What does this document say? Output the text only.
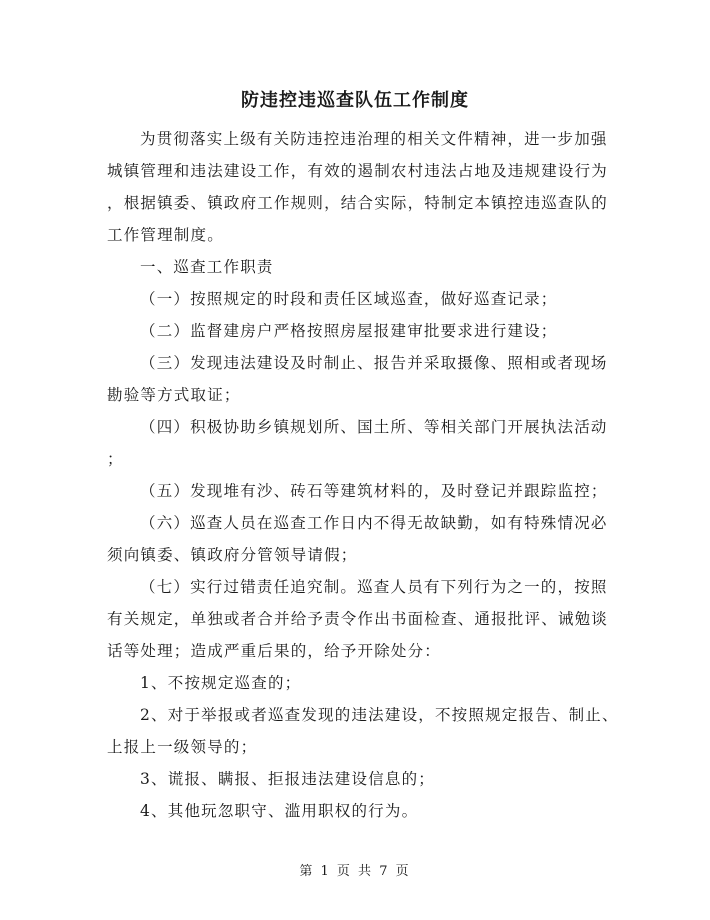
防违控违巡查队伍工作制度
为贯彻落实上级有关防违控违治理的相关文件精神，进一步加强
城镇管理和违法建设工作，有效的遏制农村违法占地及违规建设行为
，根据镇委、镇政府工作规则，结合实际，特制定本镇控违巡查队的
工作管理制度。
一、巡查工作职责
（一）按照规定的时段和责任区域巡查，做好巡查记录；
（二）监督建房户严格按照房屋报建审批要求进行建设；
（三）发现违法建设及时制止、报告并采取摄像、照相或者现场
勘验等方式取证；
（四）积极协助乡镇规划所、国土所、等相关部门开展执法活动
；
（五）发现堆有沙、砖石等建筑材料的，及时登记并跟踪监控；
（六）巡查人员在巡查工作日内不得无故缺勤，如有特殊情况必
须向镇委、镇政府分管领导请假；
（七）实行过错责任追究制。巡查人员有下列行为之一的，按照
有关规定，单独或者合并给予责令作出书面检查、通报批评、诫勉谈
话等处理；造成严重后果的，给予开除处分：
1、不按规定巡查的；
2、对于举报或者巡查发现的违法建设，不按照规定报告、制止、
上报上一级领导的；
3、谎报、瞒报、拒报违法建设信息的；
4、其他玩忽职守、滥用职权的行为。
第 1 页 共 7 页
